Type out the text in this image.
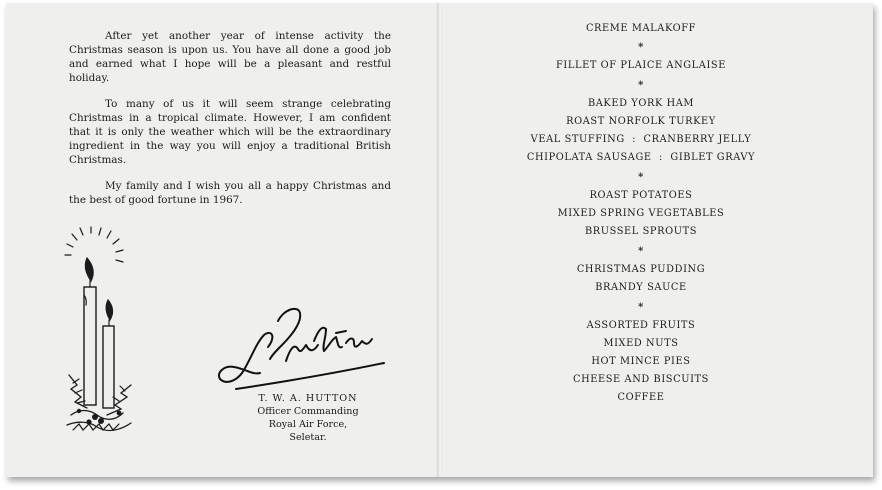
After yet another year of intense activity the Christmas season is upon us. You have all done a good job and earned what I hope will be a pleasant and restful holiday.

To many of us it will seem strange celebrating Christmas in a tropical climate. However, I am confident that it is only the weather which will be the extraordinary ingredient in the way you will enjoy a traditional British Christmas.

My family and I wish you all a happy Christmas and the best of good fortune in 1967.

T. W. A. HUTTON
Officer Commanding
Royal Air Force,
Seletar.
CREME MALAKOFF
*
FILLET OF PLAICE ANGLAISE
*
BAKED YORK HAM
ROAST NORFOLK TURKEY
VEAL STUFFING  :  CRANBERRY JELLY
CHIPOLATA SAUSAGE  :  GIBLET GRAVY
*
ROAST POTATOES
MIXED SPRING VEGETABLES
BRUSSEL SPROUTS
*
CHRISTMAS PUDDING
BRANDY SAUCE
*
ASSORTED FRUITS
MIXED NUTS
HOT MINCE PIES
CHEESE AND BISCUITS
COFFEE
